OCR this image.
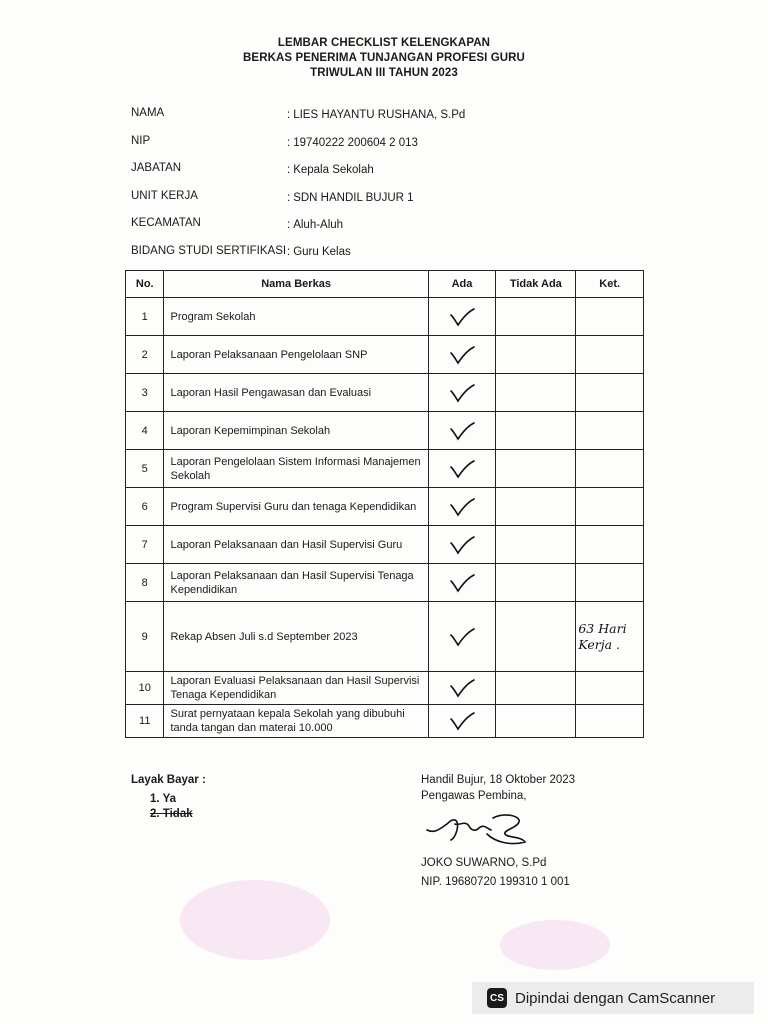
LEMBAR CHECKLIST KELENGKAPAN
BERKAS PENERIMA TUNJANGAN PROFESI GURU
TRIWULAN III TAHUN 2023
NAMA	: LIES HAYANTU RUSHANA, S.Pd
NIP	: 19740222 200604 2 013
JABATAN	: Kepala Sekolah
UNIT KERJA	: SDN HANDIL BUJUR 1
KECAMATAN	: Aluh-Aluh
BIDANG STUDI SERTIFIKASI : Guru Kelas
No.	Nama Berkas	Ada	Tidak Ada	Ket.
1	Program Sekolah	

2	Laporan Pelaksanaan Pengelolaan SNP	

3	Laporan Hasil Pengawasan dan Evaluasi	

4	Laporan Kepemimpinan Sekolah	

5	Laporan Pengelolaan Sistem Informasi Manajemen Sekolah	

6	Program Supervisi Guru dan tenaga Kependidikan	

7	Laporan Pelaksanaan dan Hasil Supervisi Guru	

8	Laporan Pelaksanaan dan Hasil Supervisi Tenaga Kependidikan	

9	Rekap Absen Juli s.d September 2023			63 Hari
Kerja .

10	Laporan Evaluasi Pelaksanaan dan Hasil Supervisi Tenaga Kependidikan	

11	Surat pernyataan kepala Sekolah yang dibubuhi tanda tangan dan materai 10.000	

Layak Bayar :
1. Ya
2. Tidak
Handil Bujur, 18 Oktober 2023
Pengawas Pembina,
JOKO SUWARNO, S.Pd
NIP. 19680720 199310 1 001
CS Dipindai dengan CamScanner
